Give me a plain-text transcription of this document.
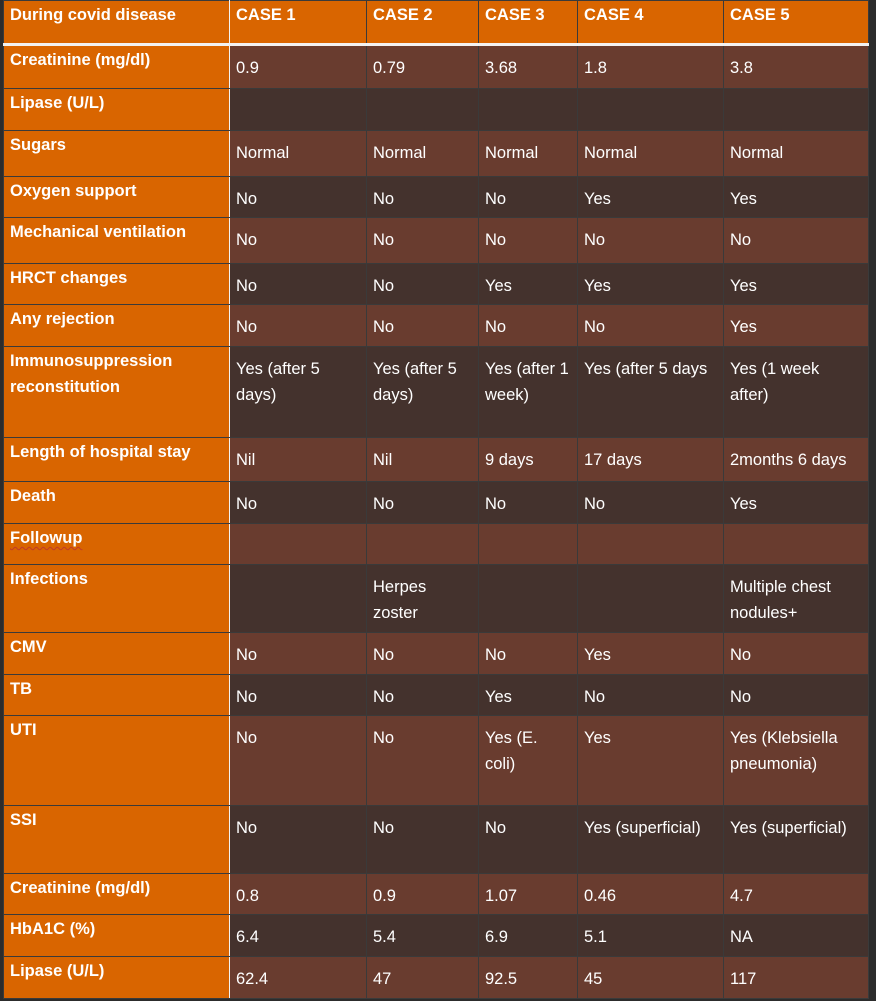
During covid disease	CASE 1	CASE 2	CASE 3	CASE 4	CASE 5
Creatinine (mg/dl)	0.9	0.79	3.68	1.8	3.8
Lipase (U/L)					
Sugars	Normal	Normal	Normal	Normal	Normal
Oxygen support	No	No	No	Yes	Yes
Mechanical ventilation	No	No	No	No	No
HRCT changes	No	No	Yes	Yes	Yes
Any rejection	No	No	No	No	Yes
Immunosuppression reconstitution	Yes (after 5 days)	Yes (after 5 days)	Yes (after 1 week)	Yes (after 5 days	Yes (1 week after)
Length of hospital stay	Nil	Nil	9 days	17 days	2months 6 days
Death	No	No	No	No	Yes
Followup					
Infections		Herpes zoster			Multiple chest nodules+
CMV	No	No	No	Yes	No
TB	No	No	Yes	No	No
UTI	No	No	Yes (E. coli)	Yes	Yes (Klebsiella pneumonia)
SSI	No	No	No	Yes (superficial)	Yes (superficial)
Creatinine (mg/dl)	0.8	0.9	1.07	0.46	4.7
HbA1C (%)	6.4	5.4	6.9	5.1	NA
Lipase (U/L)	62.4	47	92.5	45	117
